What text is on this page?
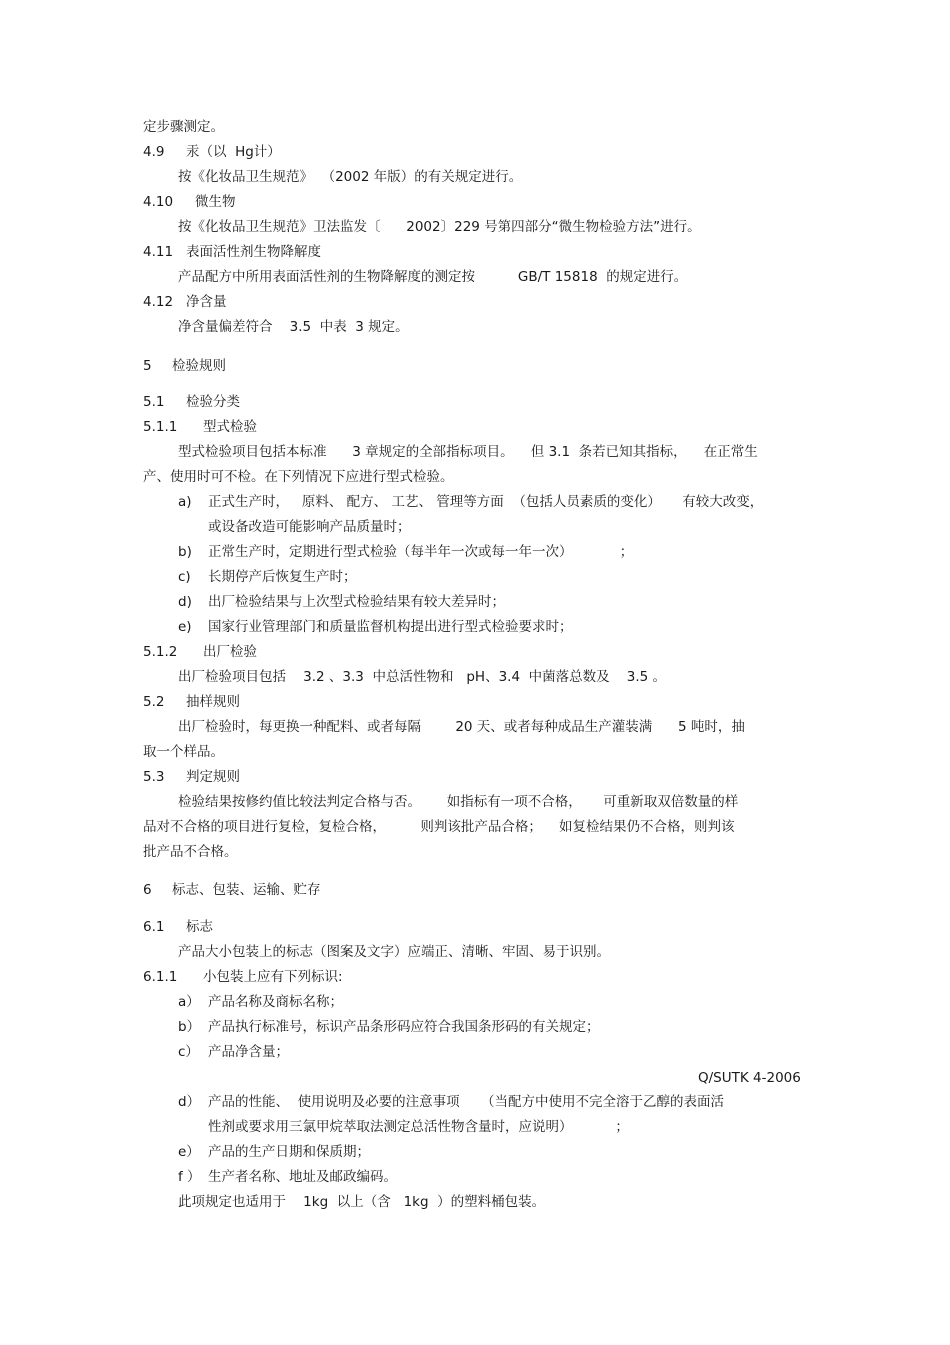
定步骤测定。
4.9 汞（以  Hg计）
按《化妆品卫生规范》  （2002 年版）的有关规定进行。
4.10 微生物
按《化妆品卫生规范》卫法监发〔      2002〕229 号第四部分“微生物检验方法”进行。
4.11 表面活性剂生物降解度
产品配方中所用表面活性剂的生物降解度的测定按          GB/T 15818  的规定进行。
4.12 净含量
净含量偏差符合    3.5  中表  3 规定。
5 检验规则
5.1 检验分类
5.1.1 型式检验
型式检验项目包括本标准      3 章规定的全部指标项目。    但 3.1  条若已知其指标，    在正常生
产、使用时可不检。在下列情况下应进行型式检验。
a) 正式生产时，   原料、 配方、 工艺、 管理等方面  （包括人员素质的变化）     有较大改变，
或设备改造可能影响产品质量时；
b) 正常生产时，定期进行型式检验（每半年一次或每一年一次）           ；
c) 长期停产后恢复生产时；
d) 出厂检验结果与上次型式检验结果有较大差异时；
e) 国家行业管理部门和质量监督机构提出进行型式检验要求时；
5.1.2 出厂检验
出厂检验项目包括    3.2 、3.3  中总活性物和   pH、3.4  中菌落总数及    3.5 。
5.2 抽样规则
出厂检验时，每更换一种配料、或者每隔        20 天、或者每种成品生产灌装满      5 吨时，抽
取一个样品。
5.3 判定规则
检验结果按修约值比较法判定合格与否。      如指标有一项不合格，     可重新取双倍数量的样
品对不合格的项目进行复检，复检合格，        则判该批产品合格；    如复检结果仍不合格，则判该
批产品不合格。
6 标志、包装、运输、贮存
6.1 标志
产品大小包装上的标志（图案及文字）应端正、清晰、牢固、易于识别。
6.1.1 小包装上应有下列标识:
a） 产品名称及商标名称；
b） 产品执行标准号，标识产品条形码应符合我国条形码的有关规定；
c） 产品净含量；
Q/SUTK 4-2006
d） 产品的性能、  使用说明及必要的注意事项     （当配方中使用不完全溶于乙醇的表面活
性剂或要求用三氯甲烷萃取法测定总活性物含量时，应说明）          ；
e） 产品的生产日期和保质期；
f ） 生产者名称、地址及邮政编码。
此项规定也适用于    1kg  以上（含   1kg  ）的塑料桶包装。
